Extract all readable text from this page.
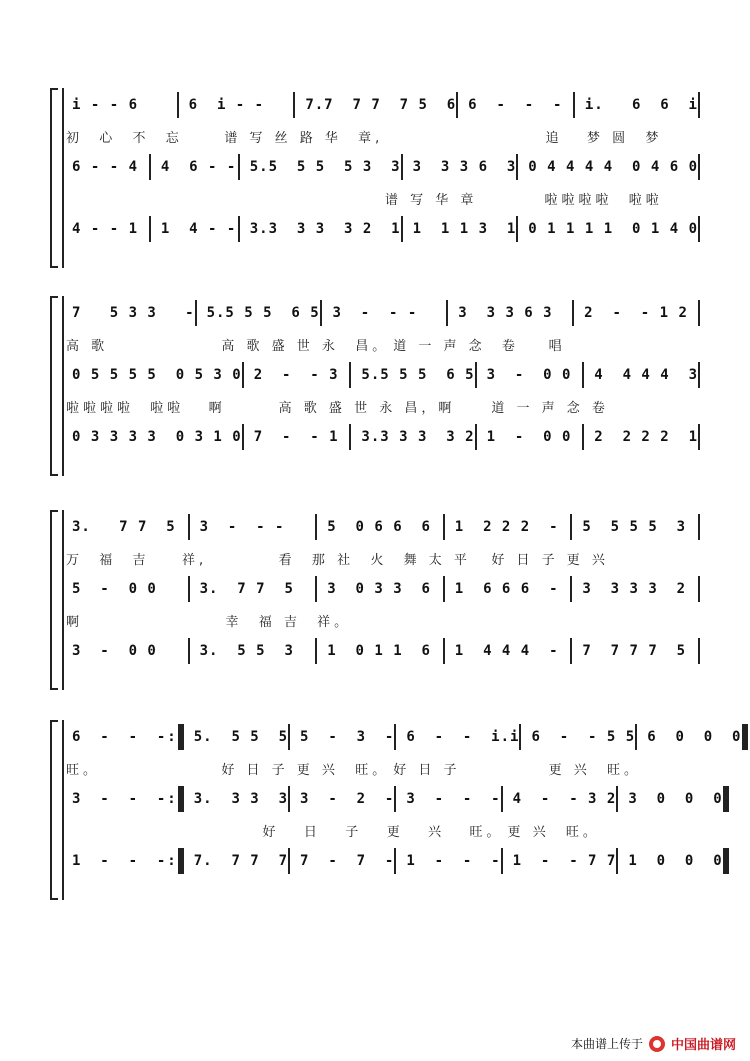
i - - 6	6  i - -	7.7  7 7  7 5  6 6  -  -  -	i.   6  6  i
初  心  不  忘	谱 写 丝 路 华  章,	追   梦 圆  梦
6 - - 4	4  6 - - 5.5  5 5  5 3  3 3  3 3 6  3 0 4 4 4 4  0 4 6 0
谱 写 华 章	啦啦啦啦  啦啦
4 - - 1	1  4 - - 3.3  3 3  3 2  1 1  1 1 3  1 0 1 1 1 1  0 1 4 0
7   5 3 3   - 5.5 5 5  6 5 3  -  - -	3  3 3 6 3	2  -  - 1 2
高 歌	高 歌 盛 世 永  昌。 道 一 声 念  卷	唱
0 5 5 5 5  0 5 3 0 2  -  - 3	5.5 5 5  6 5 3  -  0 0	4  4 4 4  3
啦啦啦啦  啦啦   啊	高 歌 盛 世 永 昌，啊	道 一 声 念 卷
0 3 3 3 3  0 3 1 0 7  -  - 1	3.3 3 3  3 2 1  -  0 0	2  2 2 2  1
3.   7 7  5	3  -  - -	5  0 6 6  6	1  2 2 2  -	5  5 5 5  3
万  福  吉    祥,	看  那 社  火  舞 太 平	好 日 子 更 兴
5  -  0 0	3.  7 7  5	3  0 3 3  6	1  6 6 6  -	3  3 3 3  2
啊	幸  福 吉  祥。
3  -  0 0	3.  5 5  3	1  0 1 1  6	1  4 4 4  -	7  7 7 7  5
6  -  -  - :	5.  5 5  5 5  -  3  - 6  -  -  i.i 6  -  - 5 5 6  0  0  0
旺。	好 日 子 更 兴  旺。 好 日 子	更 兴  旺。
3  -  -  - :	3.  3 3  3 3  -  2  - 3  -  -  - 4  -  - 3 2 3  0  0  0
好   日   子   更   兴   旺。 更 兴  旺。
1  -  -  - :	7.  7 7  7 7  -  7  - 1  -  -  - 1  -  - 7 7 1  0  0  0
本曲谱上传于 中国曲谱网
